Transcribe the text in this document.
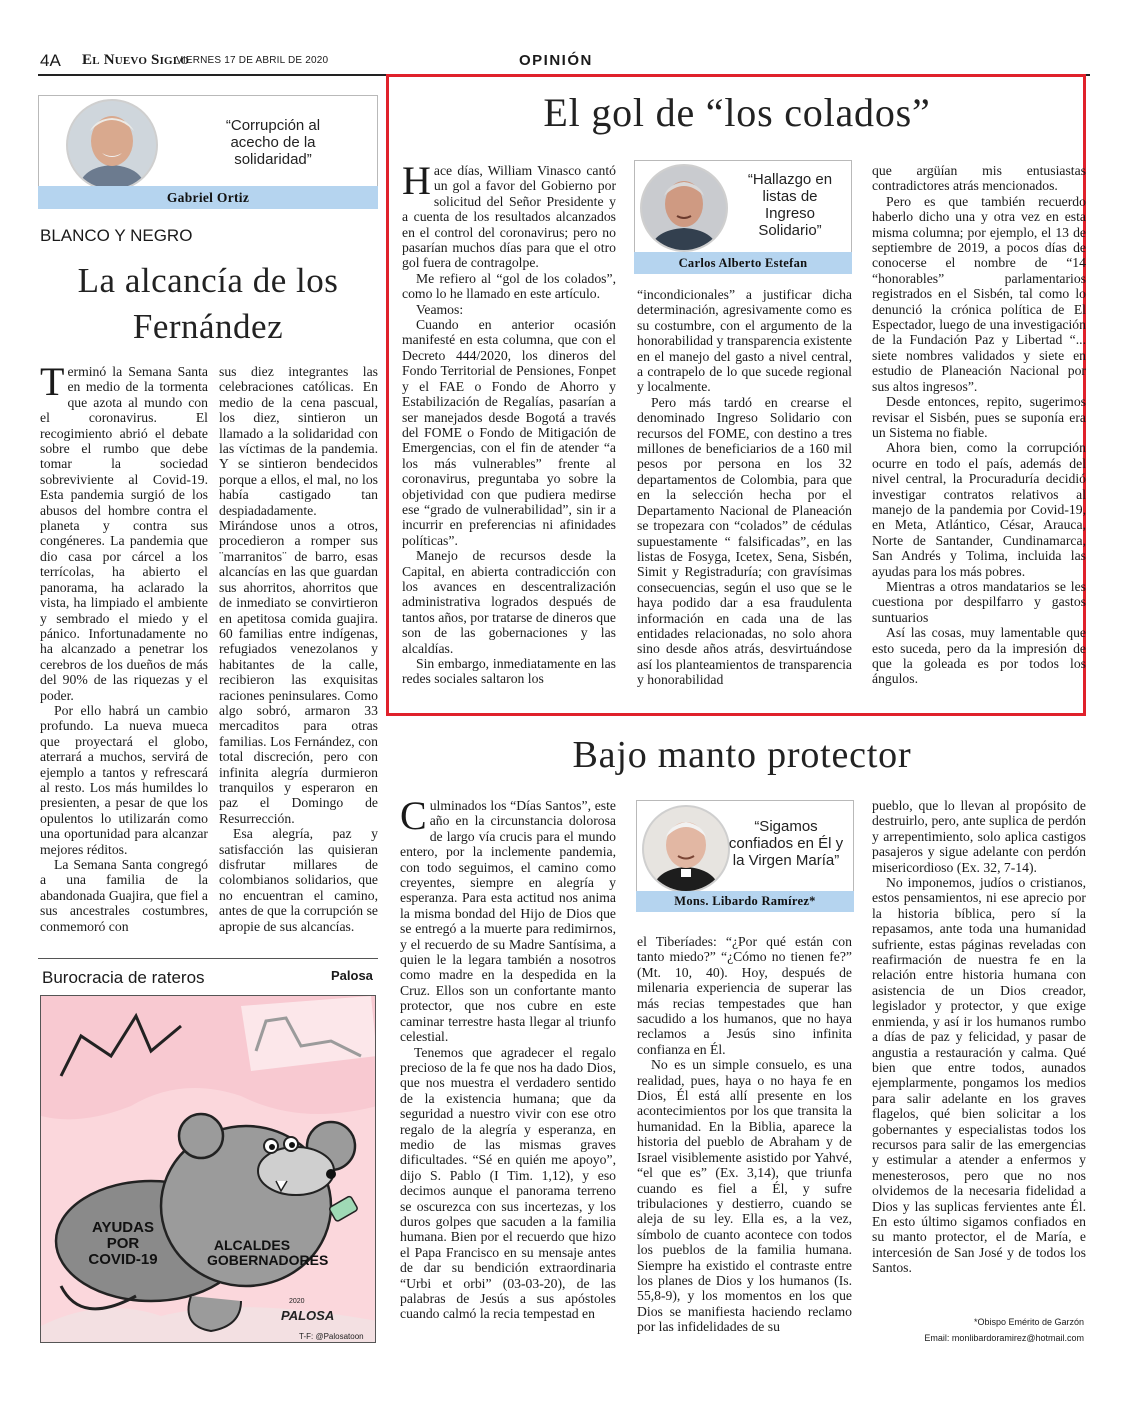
4A El Nuevo Siglo
VIERNES 17 DE ABRIL DE 2020	OPINIÓN
“Corrupción al acecho de la solidaridad”
Gabriel Ortiz
BLANCO Y NEGRO
La alcancía de los Fernández

Terminó la Semana Santa en medio de la tormenta que azota al mundo con el coronavirus. El recogimiento abrió el debate sobre el rumbo que debe tomar la sociedad sobreviviente al Covid-19. Esta pandemia surgió de los abusos del hombre contra el planeta y contra sus congéneres. La pandemia que dio casa por cárcel a los terrícolas, ha abierto el panorama, ha aclarado la vista, ha limpiado el ambiente y sembrado el miedo y el pánico. Infortunadamente no ha alcanzado a penetrar los cerebros de los dueños de más del 90% de las riquezas y el poder.

Por ello habrá un cambio profundo. La nueva mueca que proyectará el globo, aterrará a muchos, servirá de ejemplo a tantos y refrescará al resto. Los más humildes lo presienten, a pesar de que los opulentos lo utilizarán como una oportunidad para alcanzar mejores réditos.

La Semana Santa congregó a una familia de la abandonada Guajira, que fiel a sus ancestrales costumbres, conmemoró con

sus diez integrantes las celebraciones católicas. En medio de la cena pascual, los diez, sintieron un llamado a la solidaridad con las víctimas de la pandemia. Y se sintieron bendecidos porque a ellos, el mal, no los había castigado tan despiadadamente. Mirándose unos a otros, procedieron a romper sus ¨marranitos¨ de barro, esas alcancías en las que guardan sus ahorritos, ahorritos que de inmediato se convirtieron en apetitosa comida guajira. 60 familias entre indígenas, refugiados venezolanos y habitantes de la calle, recibieron las exquisitas raciones peninsulares. Como algo sobró, armaron 33 mercaditos para otras familias. Los Fernández, con total discreción, pero con infinita alegría durmieron tranquilos y esperaron en paz el Domingo de Resurrección.

Esa alegría, paz y satisfacción las quisieran disfrutar millares de colombianos solidarios, que no encuentran el camino, antes de que la corrupción se apropie de sus alcancías.

Burocracia de rateros	Palosa
AYUDAS POR COVID-19
ALCALDES GOBERNADORES
PALOSA
2020
T-F: @Palosatoon
El gol de “los colados”

Hace días, William Vinasco cantó un gol a favor del Gobierno por solicitud del Señor Presidente y a cuenta de los resultados alcanzados en el control del coronavirus; pero no pasarían muchos días para que el otro gol fuera de contragolpe.

Me refiero al “gol de los colados”, como lo he llamado en este artículo.

Veamos:

Cuando en anterior ocasión manifesté en esta columna, que con el Decreto 444/2020, los dineros del Fondo Territorial de Pensiones, Fonpet y el FAE o Fondo de Ahorro y Estabilización de Regalías, pasarían a ser manejados desde Bogotá a través del FOME o Fondo de Mitigación de Emergencias, con el fin de atender “a los más vulnerables” frente al coronavirus, preguntaba yo sobre la objetividad con que pudiera medirse ese “grado de vulnerabilidad”, sin ir a incurrir en preferencias ni afinidades políticas”.

Manejo de recursos desde la Capital, en abierta contradicción con los avances en descentralización administrativa logrados después de tantos años, por tratarse de dineros que son de las gobernaciones y las alcaldías.

Sin embargo, inmediatamente en las redes sociales saltaron los

“Hallazgo en listas de Ingreso Solidario”
Carlos Alberto Estefan

“incondicionales” a justificar dicha determinación, agresivamente como es su costumbre, con el argumento de la honorabilidad y transparencia existente en el manejo del gasto a nivel central, a contrapelo de lo que sucede regional y localmente.

Pero más tardó en crearse el denominado Ingreso Solidario con recursos del FOME, con destino a tres millones de beneficiarios de a 160 mil pesos por persona en los 32 departamentos de Colombia, para que en la selección hecha por el Departamento Nacional de Planeación se tropezara con “colados” de cédulas supuestamente “ falsificadas”, en las listas de Fosyga, Icetex, Sena, Sisbén, Simit y Registraduría; con gravísimas consecuencias, según el uso que se le haya podido dar a esa fraudulenta información en cada una de las entidades relacionadas, no solo ahora sino desde años atrás, desvirtuándose así los planteamientos de transparencia y honorabilidad

que argüían mis entusiastas contradictores atrás mencionados.

Pero es que también recuerdo haberlo dicho una y otra vez en esta misma columna; por ejemplo, el 13 de septiembre de 2019, a pocos días de conocerse el nombre de “14 “honorables” parlamentarios registrados en el Sisbén, tal como lo denunció la crónica política de El Espectador, luego de una investigación de la Fundación Paz y Libertad “... siete nombres validados y siete en estudio de Planeación Nacional por sus altos ingresos”.

Desde entonces, repito, sugerimos revisar el Sisbén, pues se suponía era un Sistema no fiable.

Ahora bien, como la corrupción ocurre en todo el país, además del nivel central, la Procuraduría decidió investigar contratos relativos al manejo de la pandemia por Covid-19, en Meta, Atlántico, César, Arauca, Norte de Santander, Cundinamarca, San Andrés y Tolima, incluida las ayudas para los más pobres.

Mientras a otros mandatarios se les cuestiona por despilfarro y gastos suntuarios

Así las cosas, muy lamentable que esto suceda, pero da la impresión de que la goleada es por todos los ángulos.

Bajo manto protector

Culminados los “Días Santos”, este año en la circunstancia dolorosa de largo vía crucis para el mundo entero, por la inclemente pandemia, con todo seguimos, el camino como creyentes, siempre en alegría y esperanza. Para esta actitud nos anima la misma bondad del Hijo de Dios que se entregó a la muerte para redimirnos, y el recuerdo de su Madre Santísima, a quien le la legara también a nosotros como madre en la despedida en la Cruz. Ellos son un confortante manto protector, que nos cubre en este caminar terrestre hasta llegar al triunfo celestial.

Tenemos que agradecer el regalo precioso de la fe que nos ha dado Dios, que nos muestra el verdadero sentido de la existencia humana; que da seguridad a nuestro vivir con ese otro regalo de la alegría y esperanza, en medio de las mismas graves dificultades. “Sé en quién me apoyo”, dijo S. Pablo (I Tim. 1,12), y eso decimos aunque el panorama terreno se oscurezca con sus incertezas, y los duros golpes que sacuden a la familia humana. Bien por el recuerdo que hizo el Papa Francisco en su mensaje antes de dar su bendición extraordinaria “Urbi et orbi” (03-03-20), de las palabras de Jesús a sus apóstoles cuando calmó la recia tempestad en

“Sigamos confiados en Él y la Virgen María”
Mons. Libardo Ramírez*

el Tiberíades: “¿Por qué están con tanto miedo?” “¿Cómo no tienen fe?” (Mt. 10, 40). Hoy, después de milenaria experiencia de superar las más recias tempestades que han sacudido a los humanos, que no haya reclamos a Jesús sino infinita confianza en Él.

No es un simple consuelo, es una realidad, pues, haya o no haya fe en Dios, Él está allí presente en los acontecimientos por los que transita la humanidad. En la Biblia, aparece la historia del pueblo de Abraham y de Israel visiblemente asistido por Yahvé, “el que es” (Ex. 3,14), que triunfa cuando es fiel a Él, y sufre tribulaciones y destierro, cuando se aleja de su ley. Ella es, a la vez, símbolo de cuanto acontece con todos los pueblos de la familia humana. Siempre ha existido el contraste entre los planes de Dios y los humanos (Is. 55,8-9), y los momentos en los que Dios se manifiesta haciendo reclamo por las infidelidades de su

pueblo, que lo llevan al propósito de destruirlo, pero, ante suplica de perdón y arrepentimiento, solo aplica castigos pasajeros y sigue adelante con perdón misericordioso (Ex. 32, 7-14).

No imponemos, judíos o cristianos, estos pensamientos, ni ese aprecio por la historia bíblica, pero sí la repasamos, ante toda una humanidad sufriente, estas páginas reveladas con reafirmación de nuestra fe en la relación entre historia humana con asistencia de un Dios creador, legislador y protector, y que exige enmienda, y así ir los humanos rumbo a días de paz y felicidad, y pasar de angustia a restauración y calma. Qué bien que entre todos, aunados ejemplarmente, pongamos los medios para salir adelante en los graves flagelos, qué bien solicitar a los gobernantes y especialistas todos los recursos para salir de las emergencias y estimular a atender a enfermos y menesterosos, pero que no nos olvidemos de la necesaria fidelidad a Dios y las suplicas fervientes ante Él. En esto último sigamos confiados en su manto protector, el de María, e intercesión de San José y de todos los Santos.

*Obispo Emérito de Garzón
Email: monlibardoramirez@hotmail.com
